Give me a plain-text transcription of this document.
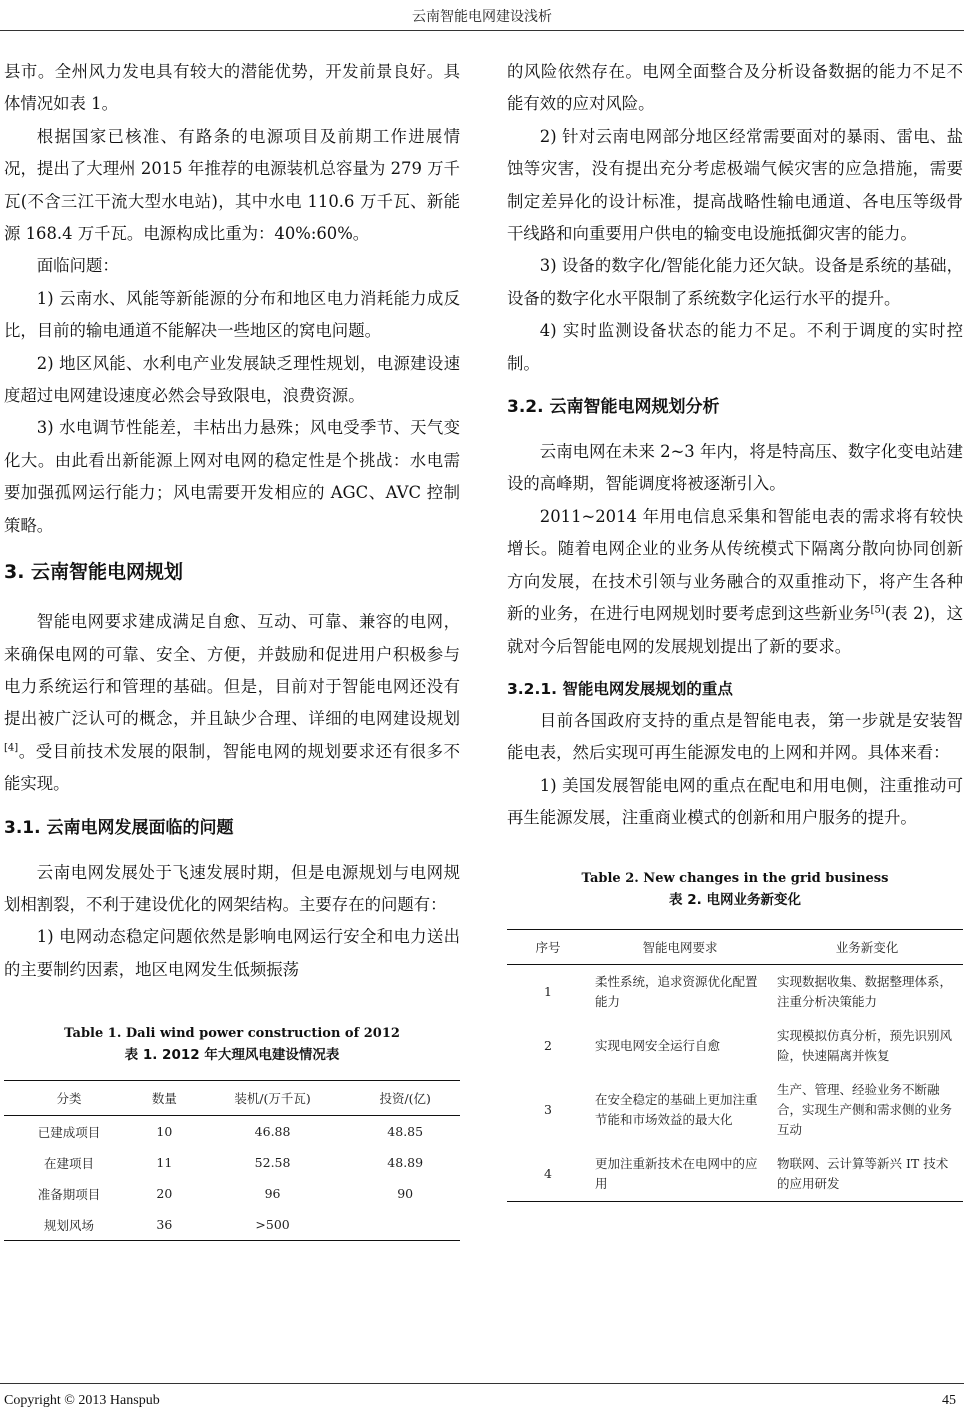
云南智能电网建设浅析

县市。全州风力发电具有较大的潜能优势，开发前景良好。具体情况如表 1。

根据国家已核准、有路条的电源项目及前期工作进展情况，提出了大理州 2015 年推荐的电源装机总容量为 279 万千瓦(不含三江干流大型水电站)，其中水电 110.6 万千瓦、新能源 168.4 万千瓦。电源构成比重为：40%:60%。

面临问题：

1) 云南水、风能等新能源的分布和地区电力消耗能力成反比，目前的输电通道不能解决一些地区的窝电问题。

2) 地区风能、水利电产业发展缺乏理性规划，电源建设速度超过电网建设速度必然会导致限电，浪费资源。

3) 水电调节性能差，丰枯出力悬殊；风电受季节、天气变化大。由此看出新能源上网对电网的稳定性是个挑战：水电需要加强孤网运行能力；风电需要开发相应的 AGC、AVC 控制策略。

3. 云南智能电网规划

智能电网要求建成满足自愈、互动、可靠、兼容的电网，来确保电网的可靠、安全、方便，并鼓励和促进用户积极参与电力系统运行和管理的基础。但是，目前对于智能电网还没有提出被广泛认可的概念，并且缺少合理、详细的电网建设规划[4]。受目前技术发展的限制，智能电网的规划要求还有很多不能实现。

3.1. 云南电网发展面临的问题

云南电网发展处于飞速发展时期，但是电源规划与电网规划相割裂，不利于建设优化的网架结构。主要存在的问题有：

1) 电网动态稳定问题依然是影响电网运行安全和电力送出的主要制约因素，地区电网发生低频振荡

Table 1. Dali wind power construction of 2012
表 1. 2012 年大理风电建设情况表
分类	数量	装机/(万千瓦)	投资/(亿)
已建成项目	10	46.88	48.85
在建项目	11	52.58	48.89
准备期项目	20	96	90
规划风场	36	>500	

的风险依然存在。电网全面整合及分析设备数据的能力不足不能有效的应对风险。

2) 针对云南电网部分地区经常需要面对的暴雨、雷电、盐蚀等灾害，没有提出充分考虑极端气候灾害的应急措施，需要制定差异化的设计标准，提高战略性输电通道、各电压等级骨干线路和向重要用户供电的输变电设施抵御灾害的能力。

3) 设备的数字化/智能化能力还欠缺。设备是系统的基础，设备的数字化水平限制了系统数字化运行水平的提升。

4) 实时监测设备状态的能力不足。不利于调度的实时控制。

3.2. 云南智能电网规划分析

云南电网在未来 2~3 年内，将是特高压、数字化变电站建设的高峰期，智能调度将被逐渐引入。

2011~2014 年用电信息采集和智能电表的需求将有较快增长。随着电网企业的业务从传统模式下隔离分散向协同创新方向发展，在技术引领与业务融合的双重推动下，将产生各种新的业务，在进行电网规划时要考虑到这些新业务[5](表 2)，这就对今后智能电网的发展规划提出了新的要求。

3.2.1. 智能电网发展规划的重点

目前各国政府支持的重点是智能电表，第一步就是安装智能电表，然后实现可再生能源发电的上网和并网。具体来看：

1) 美国发展智能电网的重点在配电和用电侧，注重推动可再生能源发展，注重商业模式的创新和用户服务的提升。

Table 2. New changes in the grid business
表 2. 电网业务新变化
序号	智能电网要求	业务新变化
1	柔性系统，追求资源优化配置能力	实现数据收集、数据整理体系，注重分析决策能力
2	实现电网安全运行自愈	实现模拟仿真分析，预先识别风险，快速隔离并恢复
3	在安全稳定的基础上更加注重节能和市场效益的最大化	生产、管理、经验业务不断融合，实现生产侧和需求侧的业务互动
4	更加注重新技术在电网中的应用	物联网、云计算等新兴 IT 技术的应用研发
Copyright © 2013 Hanspub	45
